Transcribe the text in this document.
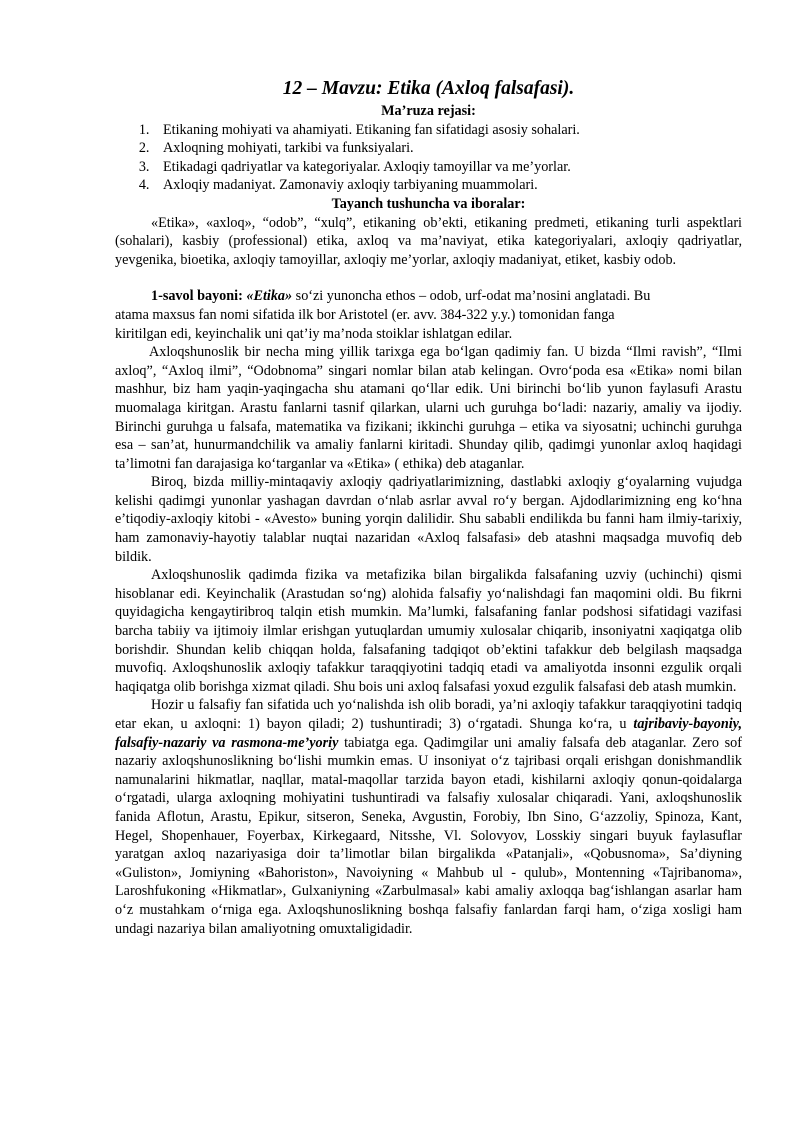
12 – Mavzu: Etika (Axloq falsafasi).
Ma’ruza rejasi:
1. Etikaning mohiyati va ahamiyati. Etikaning fan sifatidagi asosiy sohalari.
2. Axloqning mohiyati, tarkibi va funksiyalari.
3. Etikadagi qadriyatlar va kategoriyalar. Axloqiy tamoyillar va me’yorlar.
4. Axloqiy madaniyat. Zamonaviy axloqiy tarbiyaning muammolari.
Tayanch tushuncha va iboralar:

«Etika», «axloq», “odob”, “xulq”, etikaning ob’ekti, etikaning predmeti, etikaning turli aspektlari (sohalari), kasbiy (professional) etika, axloq va ma’naviyat, etika kategoriyalari, axloqiy qadriyatlar, yevgenika, bioetika, axloqiy tamoyillar, axloqiy me’yorlar, axloqiy madaniyat, etiket, kasbiy odob.

1-savol bayoni: «Etika» so‘zi yunoncha ethos – odob, urf-odat ma’nosini anglatadi. Bu

atama maxsus fan nomi sifatida ilk bor Aristotel (er. avv. 384-322 y.y.) tomonidan fanga

kiritilgan edi, keyinchalik uni qat’iy ma’noda stoiklar ishlatgan edilar.

Axloqshunoslik bir necha ming yillik tarixga ega bo‘lgan qadimiy fan. U bizda “Ilmi ravish”, “Ilmi axloq”, “Axloq ilmi”, “Odobnoma” singari nomlar bilan atab kelingan. Ovro‘poda esa «Etika» nomi bilan mashhur, biz ham yaqin-yaqingacha shu atamani qo‘llar edik. Uni birinchi bo‘lib yunon faylasufi Arastu muomalaga kiritgan. Arastu fanlarni tasnif qilarkan, ularni uch guruhga bo‘ladi: nazariy, amaliy va ijodiy. Birinchi guruhga u falsafa, matematika va fizikani; ikkinchi guruhga – etika va siyosatni; uchinchi guruhga esa – san’at, hunurmandchilik va amaliy fanlarni kiritadi. Shunday qilib, qadimgi yunonlar axloq haqidagi ta’limotni fan darajasiga ko‘targanlar va «Etika» ( ethika) deb ataganlar.

Biroq, bizda milliy-mintaqaviy axloqiy qadriyatlarimizning, dastlabki axloqiy g‘oyalarning vujudga kelishi qadimgi yunonlar yashagan davrdan o‘nlab asrlar avval ro‘y bergan. Ajdodlarimizning eng ko‘hna e’tiqodiy-axloqiy kitobi - «Avesto» buning yorqin dalilidir. Shu sababli endilikda bu fanni ham ilmiy-tarixiy, ham zamonaviy-hayotiy talablar nuqtai nazaridan «Axloq falsafasi» deb atashni maqsadga muvofiq deb bildik.

Axloqshunoslik qadimda fizika va metafizika bilan birgalikda falsafaning uzviy (uchinchi) qismi hisoblanar edi. Keyinchalik (Arastudan so‘ng) alohida falsafiy yo‘nalishdagi fan maqomini oldi. Bu fikrni quyidagicha kengaytiribroq talqin etish mumkin. Ma’lumki, falsafaning fanlar podshosi sifatidagi vazifasi barcha tabiiy va ijtimoiy ilmlar erishgan yutuqlardan umumiy xulosalar chiqarib, insoniyatni xaqiqatga olib borishdir. Shundan kelib chiqqan holda, falsafaning tadqiqot ob’ektini tafakkur deb belgilash maqsadga muvofiq. Axloqshunoslik axloqiy tafakkur taraqqiyotini tadqiq etadi va amaliyotda insonni ezgulik orqali haqiqatga olib borishga xizmat qiladi. Shu bois uni axloq falsafasi yoxud ezgulik falsafasi deb atash mumkin.

Hozir u falsafiy fan sifatida uch yo‘nalishda ish olib boradi, ya’ni axloqiy tafakkur taraqqiyotini tadqiq etar ekan, u axloqni: 1) bayon qiladi; 2) tushuntiradi; 3) o‘rgatadi. Shunga ko‘ra, u tajribaviy-bayoniy, falsafiy-nazariy va rasmona-me’yoriy tabiatga ega. Qadimgilar uni amaliy falsafa deb ataganlar. Zero sof nazariy axloqshunoslikning bo‘lishi mumkin emas. U insoniyat o‘z tajribasi orqali erishgan donishmandlik namunalarini hikmatlar, naqllar, matal-maqollar tarzida bayon etadi, kishilarni axloqiy qonun-qoidalarga o‘rgatadi, ularga axloqning mohiyatini tushuntiradi va falsafiy xulosalar chiqaradi. Yani, axloqshunoslik fanida Aflotun, Arastu, Epikur, sitseron, Seneka, Avgustin, Forobiy, Ibn Sino, G‘azzoliy, Spinoza, Kant, Hegel, Shopenhauer, Foyerbax, Kirkegaard, Nitsshe, Vl. Solovyov, Losskiy singari buyuk faylasuflar yaratgan axloq nazariyasiga doir ta’limotlar bilan birgalikda «Patanjali», «Qobusnoma», Sa’diyning «Guliston», Jomiyning «Bahoriston», Navoiyning « Mahbub ul - qulub», Montenning «Tajribanoma», Laroshfukoning «Hikmatlar», Gulxaniyning «Zarbulmasal» kabi amaliy axloqqa bag‘ishlangan asarlar ham o‘z mustahkam o‘rniga ega. Axloqshunoslikning boshqa falsafiy fanlardan farqi ham, o‘ziga xosligi ham undagi nazariya bilan amaliyotning omuxtaligidadir.
